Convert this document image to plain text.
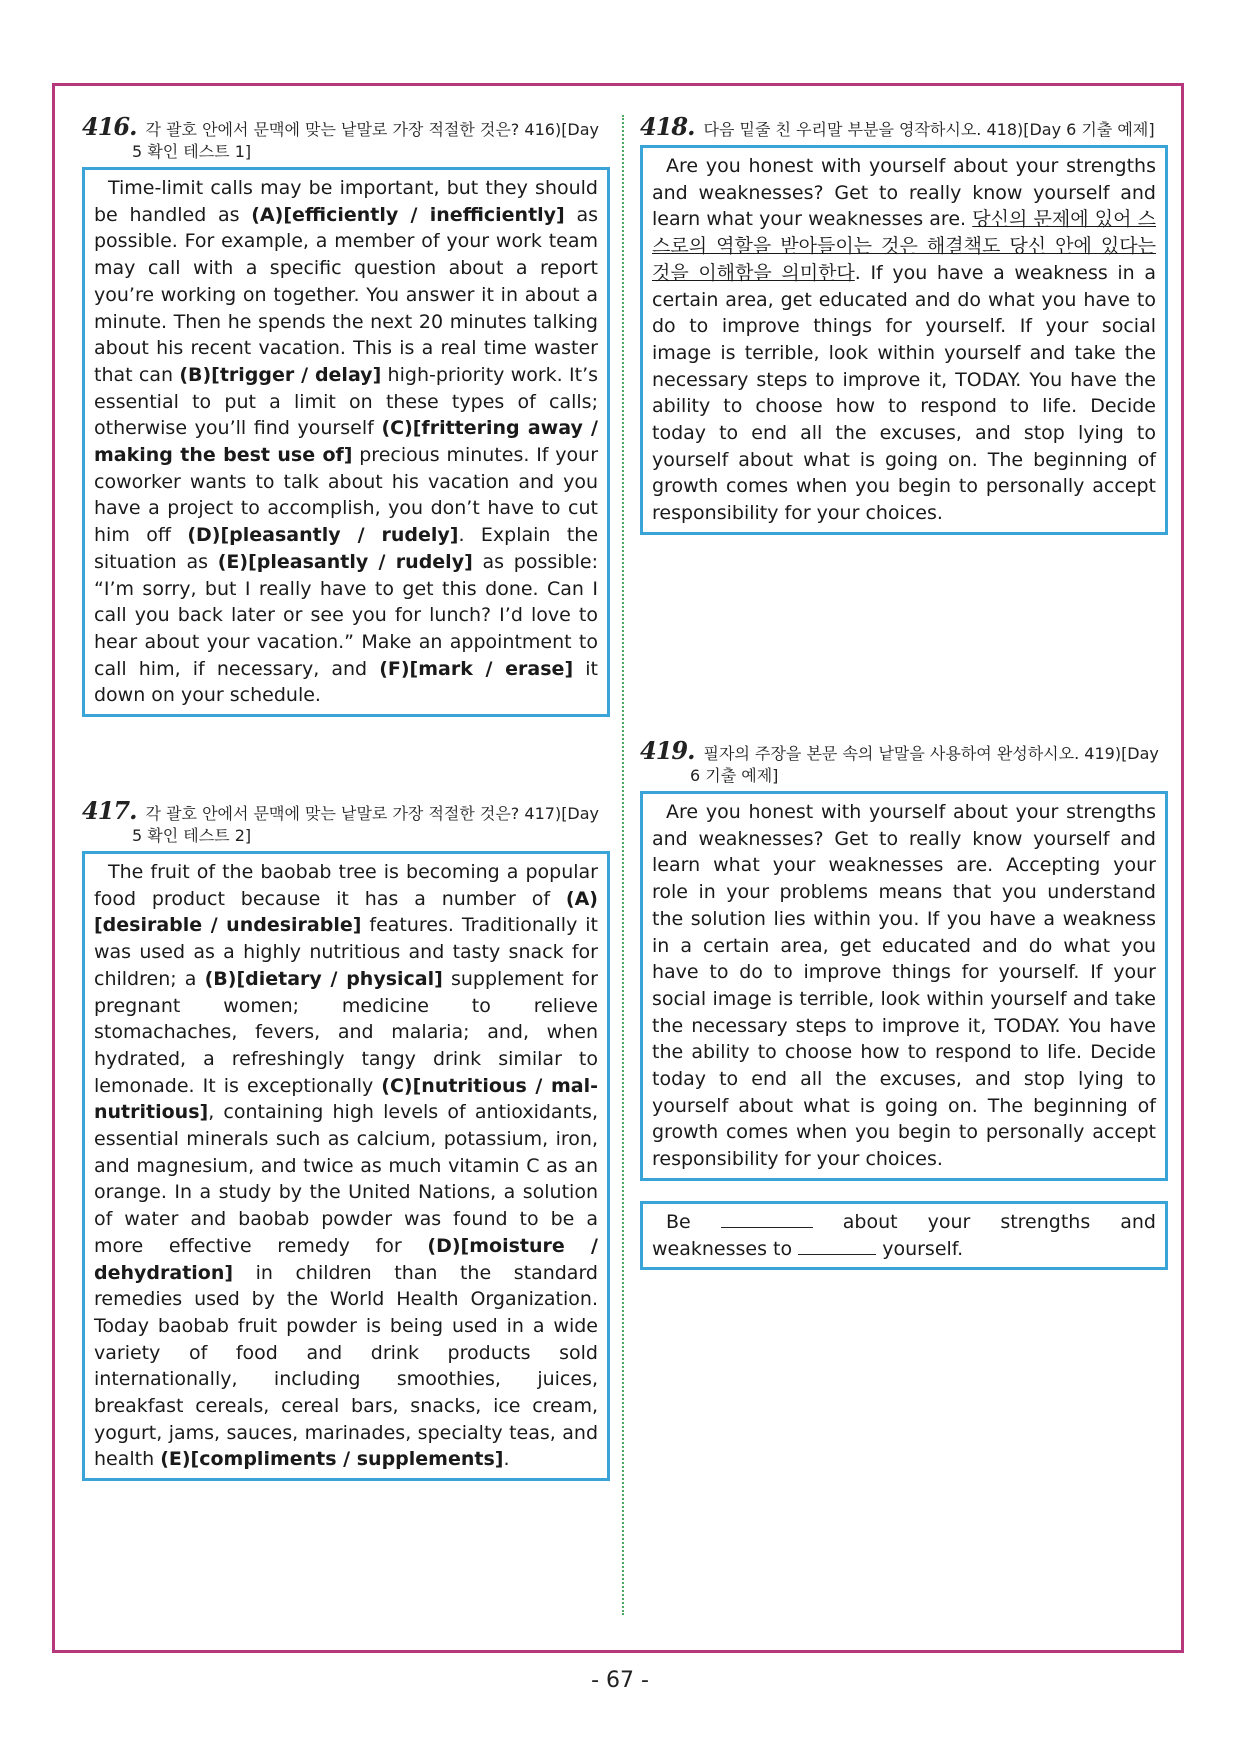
416. 각 괄호 안에서 문맥에 맞는 낱말로 가장 적절한 것은? 416)[Day 5 확인 테스트 1]

Time-limit calls may be important, but they should be handled as (A)[efficiently / inefficiently] as possible. For example, a member of your work team may call with a specific question about a report you’re working on together. You answer it in about a minute. Then he spends the next 20 minutes talking about his recent vacation. This is a real time waster that can (B)[trigger / delay] high-priority work. It’s essential to put a limit on these types of calls; otherwise you’ll find yourself (C)[frittering away / making the best use of] precious minutes. If your coworker wants to talk about his vacation and you have a project to accomplish, you don’t have to cut him off (D)[pleasantly / rudely]. Explain the situation as (E)[pleasantly / rudely] as possible: “I’m sorry, but I really have to get this done. Can I call you back later or see you for lunch? I’d love to hear about your vacation.” Make an appointment to call him, if necessary, and (F)[mark / erase] it down on your schedule.

417. 각 괄호 안에서 문맥에 맞는 낱말로 가장 적절한 것은? 417)[Day 5 확인 테스트 2]

The fruit of the baobab tree is becoming a popular food product because it has a number of (A)[desirable / undesirable] features. Traditionally it was used as a highly nutritious and tasty snack for children; a (B)[dietary / physical] supplement for pregnant women; medicine to relieve stomachaches, fevers, and malaria; and, when hydrated, a refreshingly tangy drink similar to lemonade. It is exceptionally (C)[nutritious / mal-nutritious], containing high levels of antioxidants, essential minerals such as calcium, potassium, iron, and magnesium, and twice as much vitamin C as an orange. In a study by the United Nations, a solution of water and baobab powder was found to be a more effective remedy for (D)[moisture / dehydration] in children than the standard remedies used by the World Health Organization. Today baobab fruit powder is being used in a wide variety of food and drink products sold internationally, including smoothies, juices, breakfast cereals, cereal bars, snacks, ice cream, yogurt, jams, sauces, marinades, specialty teas, and health (E)[compliments / supplements].

418. 다음 밑줄 친 우리말 부분을 영작하시오. 418)[Day 6 기출 예제]

Are you honest with yourself about your strengths and weaknesses? Get to really know yourself and learn what your weaknesses are. 당신의 문제에 있어 스스로의 역할을 받아들이는 것은 해결책도 당신 안에 있다는 것을 이해함을 의미한다. If you have a weakness in a certain area, get educated and do what you have to do to improve things for yourself. If your social image is terrible, look within yourself and take the necessary steps to improve it, TODAY. You have the ability to choose how to respond to life. Decide today to end all the excuses, and stop lying to yourself about what is going on. The beginning of growth comes when you begin to personally accept responsibility for your choices.

419. 필자의 주장을 본문 속의 낱말을 사용하여 완성하시오. 419)[Day 6 기출 예제]

Are you honest with yourself about your strengths and weaknesses? Get to really know yourself and learn what your weaknesses are. Accepting your role in your problems means that you understand the solution lies within you. If you have a weakness in a certain area, get educated and do what you have to do to improve things for yourself. If your social image is terrible, look within yourself and take the necessary steps to improve it, TODAY. You have the ability to choose how to respond to life. Decide today to end all the excuses, and stop lying to yourself about what is going on. The beginning of growth comes when you begin to personally accept responsibility for your choices.

Be	about your strengths and weaknesses to	yourself.

- 67 -
